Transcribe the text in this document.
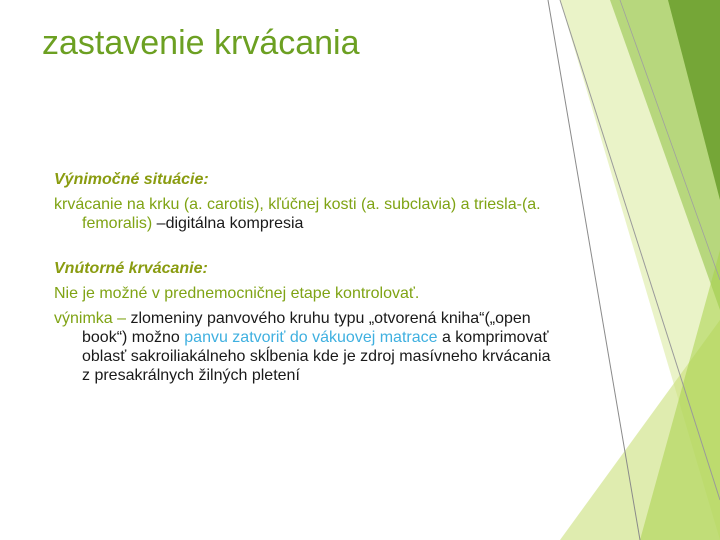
zastavenie krvácania
Výnimočné situácie:
krvácanie na krku (a. carotis), kľúčnej kosti (a. subclavia) a triesla-(a. femoralis) –digitálna kompresia
Vnútorné krvácanie:
Nie je možné v prednemocničnej etape kontrolovať.
výnimka – zlomeniny panvového kruhu typu „otvorená kniha“(„open book“) možno panvu zatvoriť do vákuovej matrace a komprimovať oblasť sakroiliakálneho skĺbenia kde je zdroj masívneho krvácania z presakrálnych žilných pletení
